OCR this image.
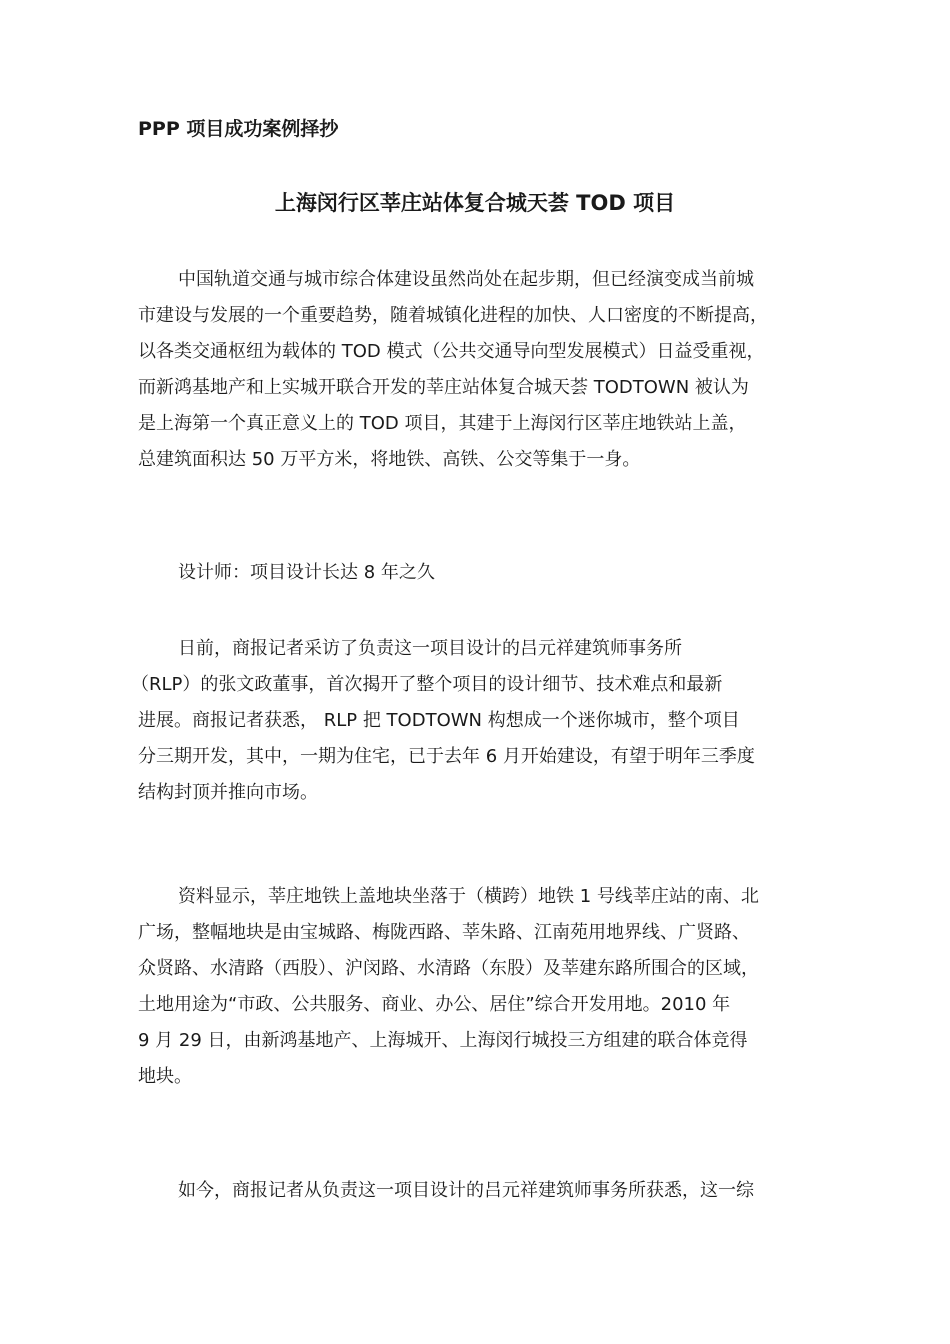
PPP 项目成功案例择抄
上海闵行区莘庄站体复合城天荟 TOD 项目
中国轨道交通与城市综合体建设虽然尚处在起步期，但已经演变成当前城
市建设与发展的一个重要趋势，随着城镇化进程的加快、人口密度的不断提高，
以各类交通枢纽为载体的 TOD 模式（公共交通导向型发展模式）日益受重视，
而新鸿基地产和上实城开联合开发的莘庄站体复合城天荟 TODTOWN 被认为
是上海第一个真正意义上的 TOD 项目，其建于上海闵行区莘庄地铁站上盖，
总建筑面积达 50 万平方米，将地铁、高铁、公交等集于一身。
设计师：项目设计长达 8 年之久
日前，商报记者采访了负责这一项目设计的吕元祥建筑师事务所
（RLP）的张文政董事，首次揭开了整个项目的设计细节、技术难点和最新
进展。商报记者获悉， RLP 把 TODTOWN 构想成一个迷你城市，整个项目
分三期开发，其中，一期为住宅，已于去年 6 月开始建设，有望于明年三季度
结构封顶并推向市场。
资料显示，莘庄地铁上盖地块坐落于（横跨）地铁 1 号线莘庄站的南、北
广场，整幅地块是由宝城路、梅陇西路、莘朱路、江南苑用地界线、广贤路、
众贤路、水清路（西股）、沪闵路、水清路（东股）及莘建东路所围合的区域，
土地用途为“市政、公共服务、商业、办公、居住”综合开发用地。2010 年
9 月 29 日，由新鸿基地产、上海城开、上海闵行城投三方组建的联合体竞得
地块。
如今，商报记者从负责这一项目设计的吕元祥建筑师事务所获悉，这一综
